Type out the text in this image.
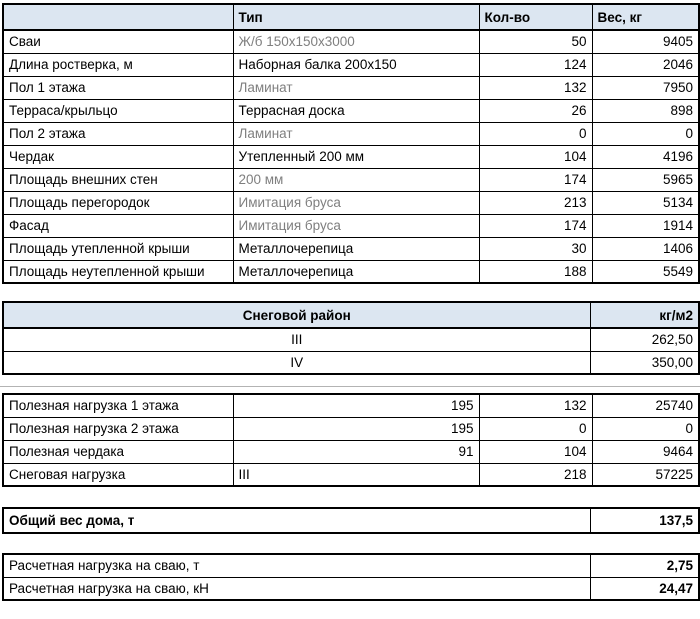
	Тип	Кол-во	Вес, кг
Сваи	Ж/б 150х150х3000	50	9405
Длина ростверка, м	Наборная балка 200х150	124	2046
Пол 1 этажа	Ламинат	132	7950
Терраса/крыльцо	Террасная доска	26	898
Пол 2 этажа	Ламинат	0	0
Чердак	Утепленный 200 мм	104	4196
Площадь внешних стен	200 мм	174	5965
Площадь перегородок	Имитация бруса	213	5134
Фасад	Имитация бруса	174	1914
Площадь утепленной крыши	Металлочерепица	30	1406
Площадь неутепленной крыши	Металлочерепица	188	5549
Снеговой район	кг/м2
III	262,50
IV	350,00
Полезная нагрузка 1 этажа	195	132	25740
Полезная нагрузка 2 этажа	195	0	0
Полезная чердака	91	104	9464
Снеговая нагрузка	III	218	57225
Общий вес дома, т	137,5
Расчетная нагрузка на сваю, т	2,75
Расчетная нагрузка на сваю, кН	24,47
